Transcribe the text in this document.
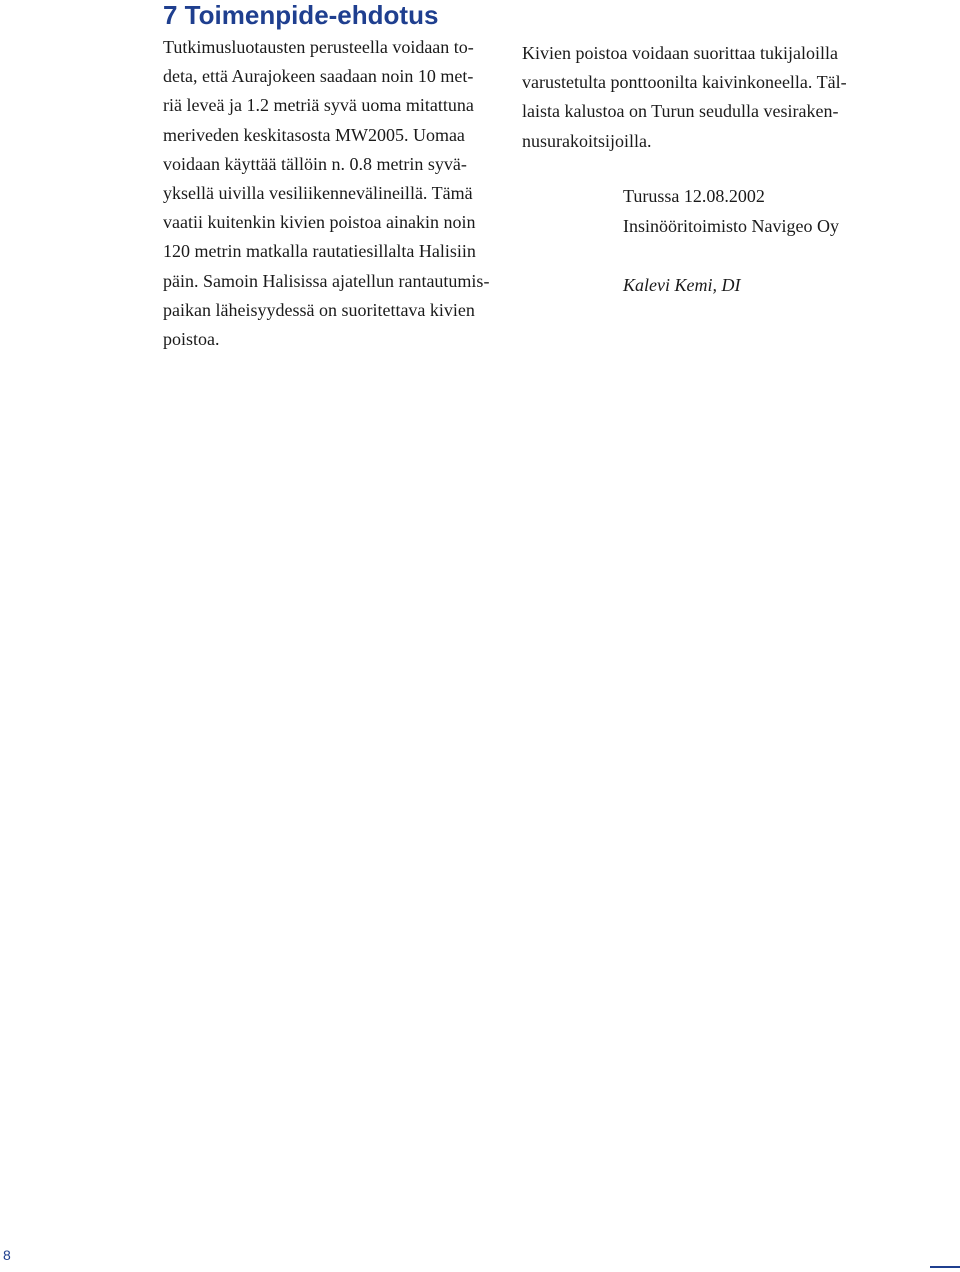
7 Toimenpide-ehdotus
Tutkimusluotausten perusteella voidaan to-
deta, että Aurajokeen saadaan noin 10 met-
riä leveä ja 1.2 metriä syvä uoma mitattuna
meriveden keskitasosta MW2005. Uomaa
voidaan käyttää tällöin n. 0.8 metrin syvä-
yksellä uivilla vesiliikennevälineillä. Tämä
vaatii kuitenkin kivien poistoa ainakin noin
120 metrin matkalla rautatiesillalta Halisiin
päin. Samoin Halisissa ajatellun rantautumis-
paikan läheisyydessä on suoritettava kivien
poistoa.
Kivien poistoa voidaan suorittaa tukijaloilla
varustetulta ponttoonilta kaivinkoneella. Täl-
laista kalustoa on Turun seudulla vesiraken-
nusurakoitsijoilla.
Turussa 12.08.2002
Insinööritoimisto Navigeo Oy
Kalevi Kemi, DI
8
